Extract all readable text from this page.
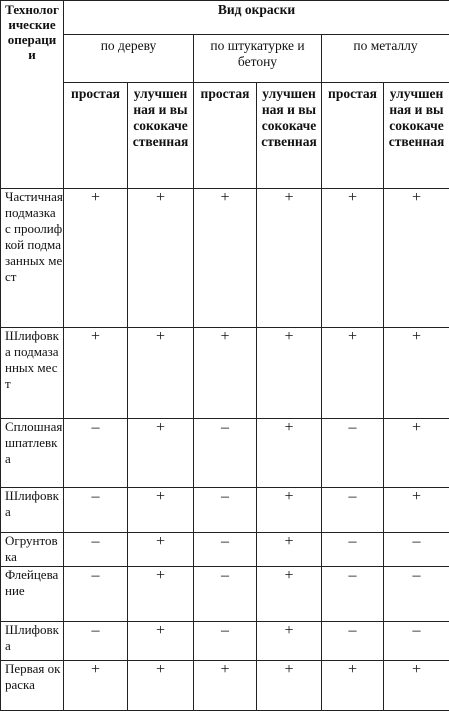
Технологические операции	Вид окраски					
	по дереву		по штукатурке и бетону		по металлу	
	простая	улучшенная и высококачественная	простая	улучшенная и высококачественная	простая	улучшенная и высококачественная

Частичная подмазка с проолифкой подмазанных мест	+	+	+	+	+	+

Шлифовка подмазанных мест	+	+	+	+	+	+

Сплошная шпатлевка	–	+	–	+	–	+

Шлифовка	–	+	–	+	–	+

Огрунтовка	–	+	–	+	–	–

Флейцевание	–	+	–	+	–	–

Шлифовка	–	+	–	+	–	–

Первая окраска	+	+	+	+	+	+
